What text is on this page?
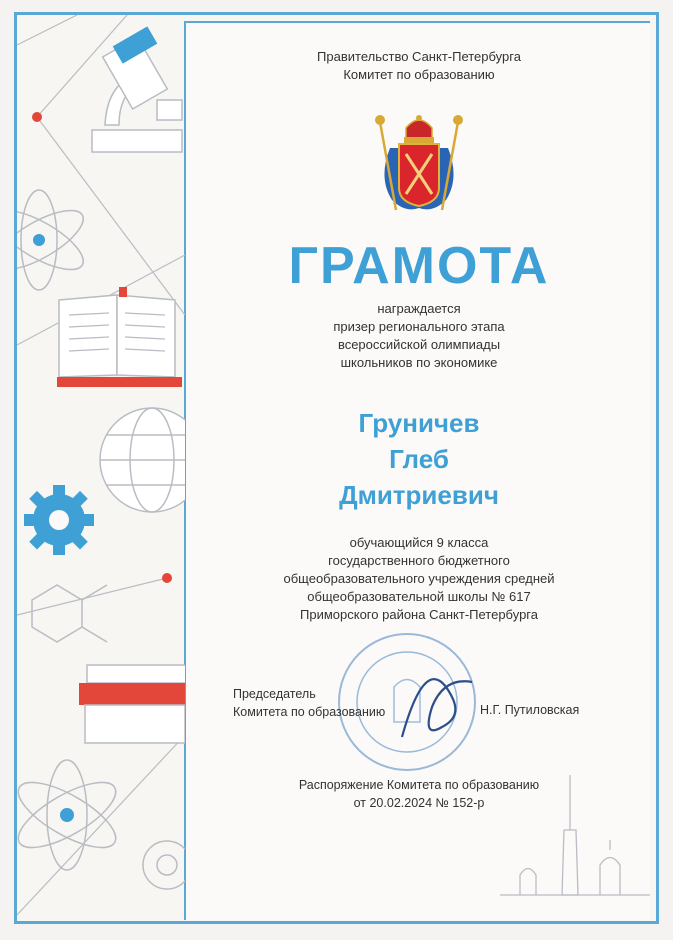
Правительство Санкт-Петербурга
Комитет по образованию
ГРАМОТА
награждается
призер регионального этапа
всероссийской олимпиады
школьников по экономике
Груничев
Глеб
Дмитриевич
обучающийся 9 класса
государственного бюджетного
общеобразовательного учреждения средней
общеобразовательной школы № 617
Приморского района Санкт-Петербурга
Председатель
Комитета по образованию	Н.Г. Путиловская
Распоряжение Комитета по образованию
от 20.02.2024 № 152-р
